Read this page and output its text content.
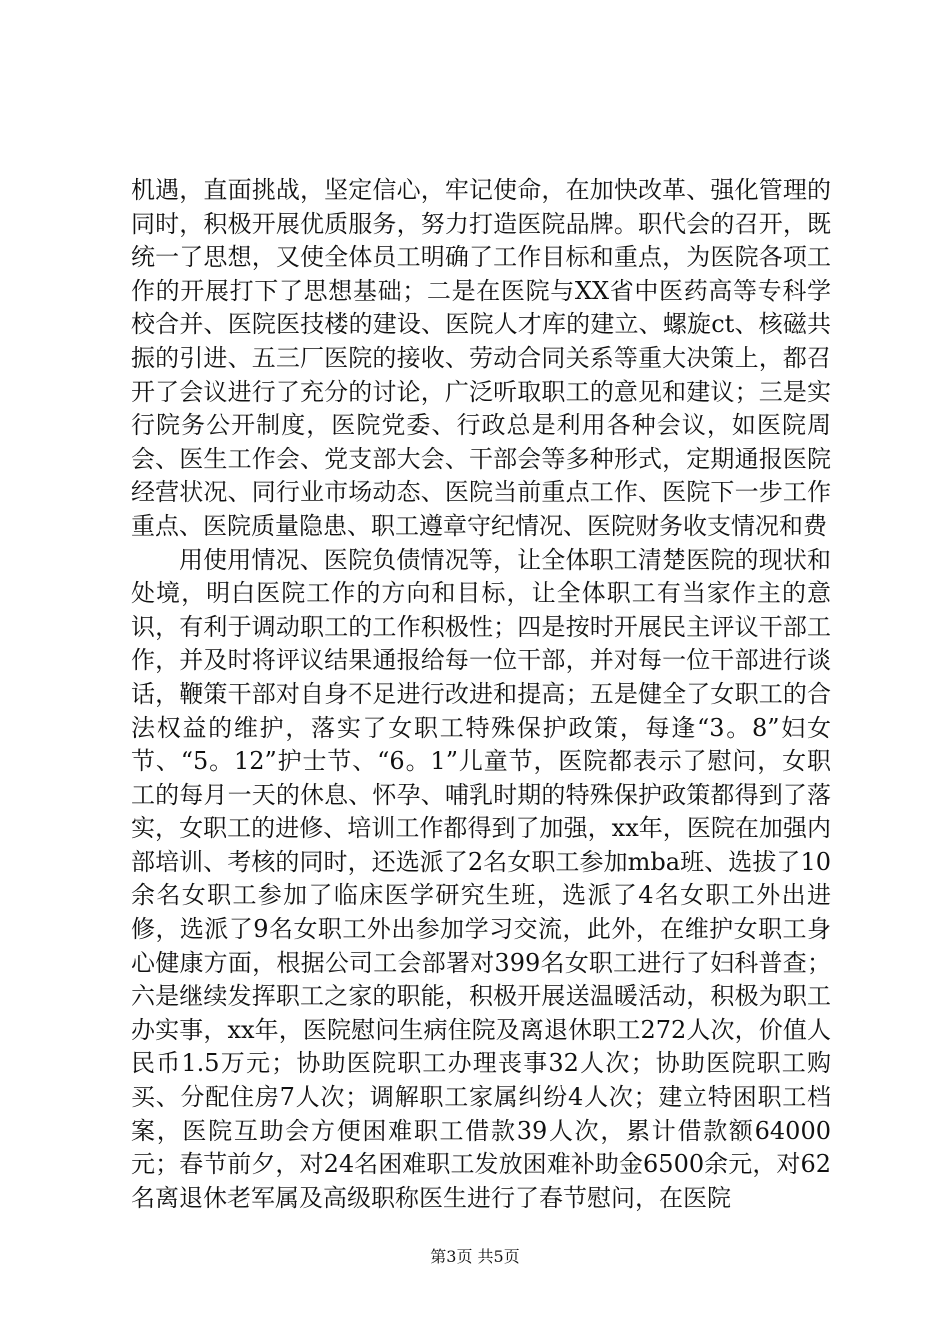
机遇，直面挑战，坚定信心，牢记使命，在加快改革、强化管理的同时，积极开展优质服务，努力打造医院品牌。职代会的召开，既统一了思想，又使全体员工明确了工作目标和重点，为医院各项工作的开展打下了思想基础；二是在医院与XX省中医药高等专科学校合并、医院医技楼的建设、医院人才库的建立、螺旋ct、核磁共振的引进、五三厂医院的接收、劳动合同关系等重大决策上，都召开了会议进行了充分的讨论，广泛听取职工的意见和建议；三是实行院务公开制度，医院党委、行政总是利用各种会议，如医院周会、医生工作会、党支部大会、干部会等多种形式，定期通报医院经营状况、同行业市场动态、医院当前重点工作、医院下一步工作重点、医院质量隐患、职工遵章守纪情况、医院财务收支情况和费

用使用情况、医院负债情况等，让全体职工清楚医院的现状和处境，明白医院工作的方向和目标，让全体职工有当家作主的意识，有利于调动职工的工作积极性；四是按时开展民主评议干部工作，并及时将评议结果通报给每一位干部，并对每一位干部进行谈话，鞭策干部对自身不足进行改进和提高；五是健全了女职工的合法权益的维护，落实了女职工特殊保护政策，每逢“3。8”妇女节、“5。12”护士节、“6。1”儿童节，医院都表示了慰问，女职工的每月一天的休息、怀孕、哺乳时期的特殊保护政策都得到了落实，女职工的进修、培训工作都得到了加强，xx年，医院在加强内部培训、考核的同时，还选派了2名女职工参加mba班、选拔了10余名女职工参加了临床医学研究生班，选派了4名女职工外出进修，选派了9名女职工外出参加学习交流，此外，在维护女职工身心健康方面，根据公司工会部署对399名女职工进行了妇科普查；六是继续发挥职工之家的职能，积极开展送温暖活动，积极为职工办实事，xx年，医院慰问生病住院及离退休职工272人次，价值人民币1.5万元；协助医院职工办理丧事32人次；协助医院职工购买、分配住房7人次；调解职工家属纠纷4人次；建立特困职工档案，医院互助会方便困难职工借款39人次，累计借款额64000元；春节前夕，对24名困难职工发放困难补助金6500余元，对62名离退休老军属及高级职称医生进行了春节慰问，在医院

第3页 共5页
